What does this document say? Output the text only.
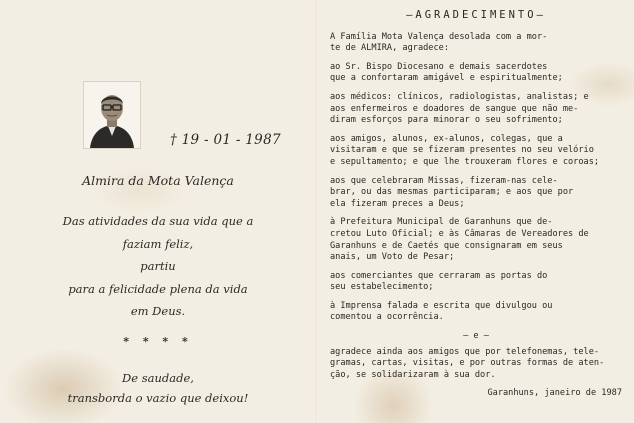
† 19 - 01 - 1987
Almira da Mota Valença
Das atividades da sua vida que a
faziam feliz,
partiu
para a felicidade plena da vida
em Deus.
* * * *
De saudade,
transborda o vazio que deixou!
—AGRADECIMENTO—
A Família Mota Valença desolada com a mor-
te de ALMIRA, agradece:
ao Sr. Bispo Diocesano e demais sacerdotes
que a confortaram amigável e espiritualmente;
aos médicos: clínicos, radiologistas, analistas; e
aos enfermeiros e doadores de sangue que não me-
diram esforços para minorar o seu sofrimento;
aos amigos, alunos, ex-alunos, colegas, que a
visitaram e que se fizeram presentes no seu velório
e sepultamento; e que lhe trouxeram flores e coroas;
aos que celebraram Missas, fizeram-nas cele-
brar, ou das mesmas participaram; e aos que por
ela fizeram preces a Deus;
à Prefeitura Municipal de Garanhuns que de-
cretou Luto Oficial; e às Câmaras de Vereadores de
Garanhuns e de Caetés que consignaram em seus
anais, um Voto de Pesar;
aos comerciantes que cerraram as portas do
seu estabelecimento;
à Imprensa falada e escrita que divulgou ou
comentou a ocorrência.
— e —
agradece ainda aos amigos que por telefonemas, tele-
gramas, cartas, visitas, e por outras formas de aten-
ção, se solidarizaram à sua dor.
Garanhuns, janeiro de 1987
